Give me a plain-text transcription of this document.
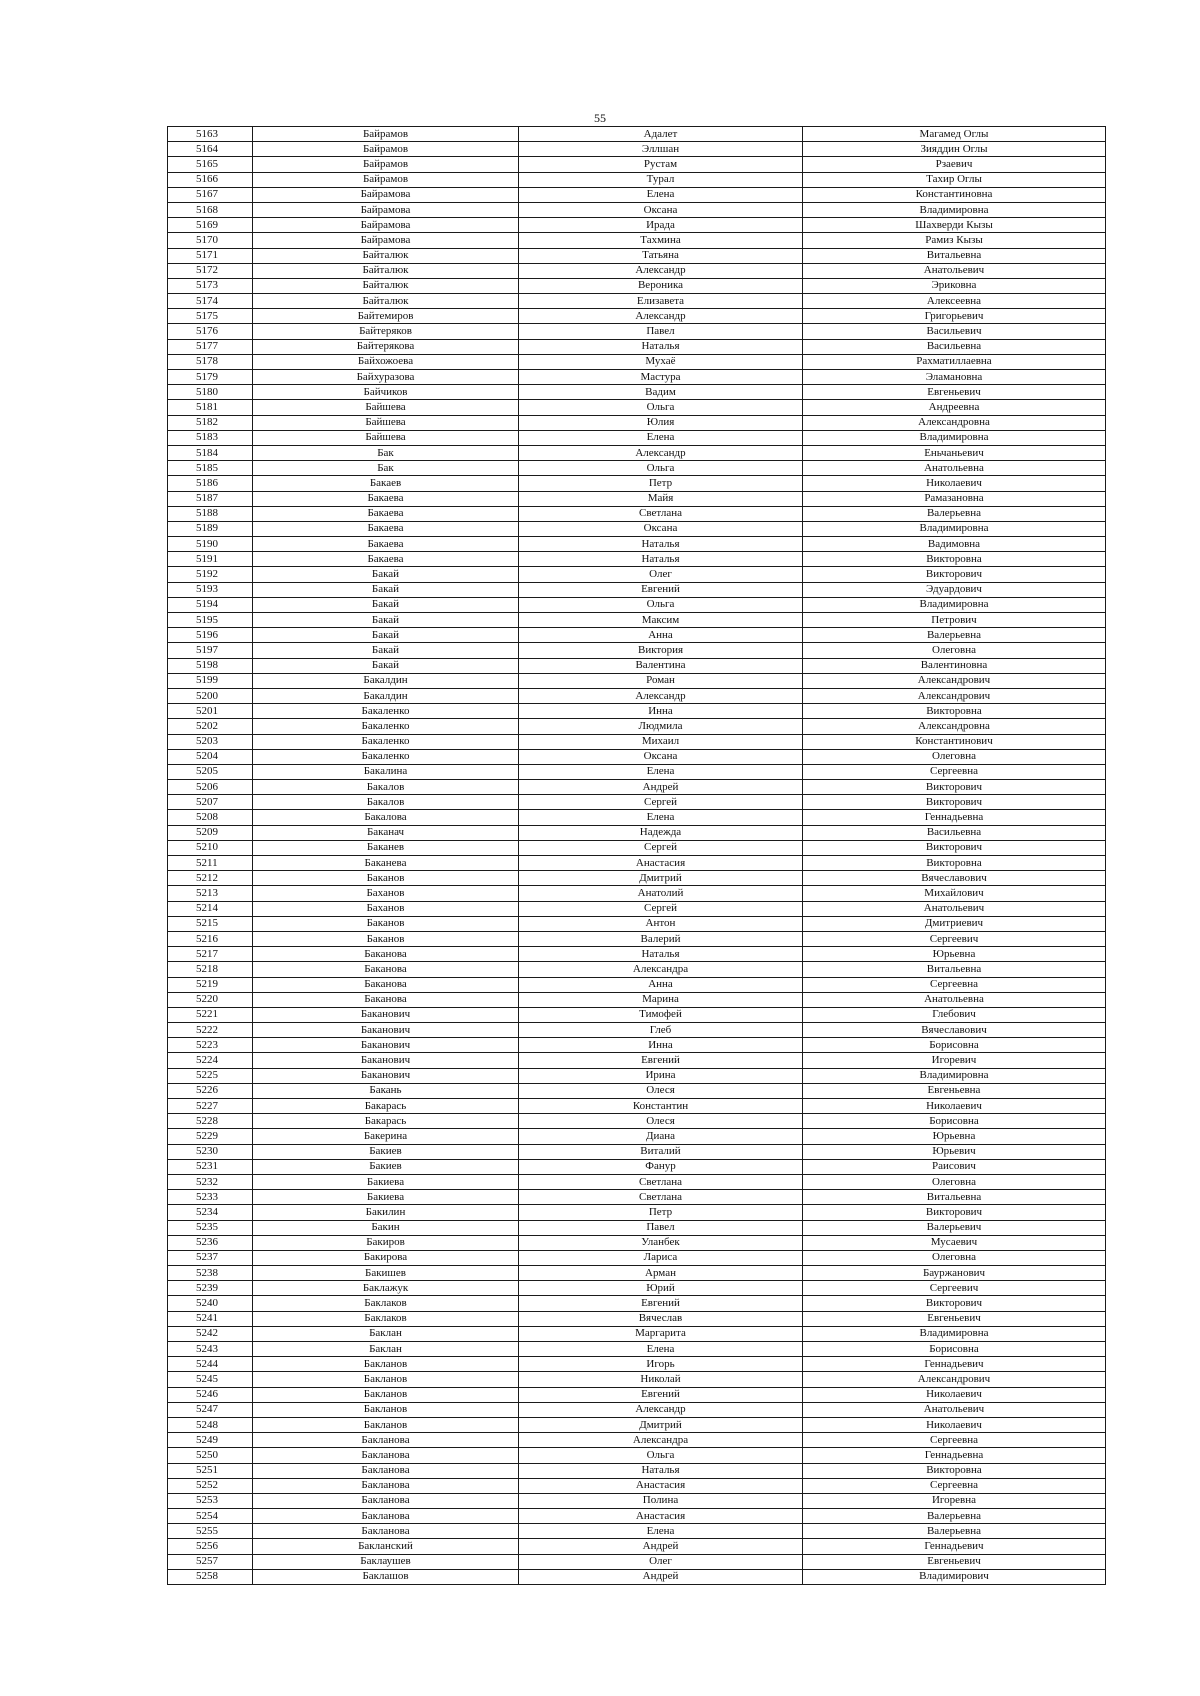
55
5163	Байрамов	Адалет	Магамед Оглы
5164	Байрамов	Эллшан	Зияддин Оглы
5165	Байрамов	Рустам	Рзаевич
5166	Байрамов	Турал	Тахир Оглы
5167	Байрамова	Елена	Константиновна
5168	Байрамова	Оксана	Владимировна
5169	Байрамова	Ирада	Шахверди Кызы
5170	Байрамова	Тахмина	Рамиз Кызы
5171	Байталюк	Татьяна	Витальевна
5172	Байталюк	Александр	Анатольевич
5173	Байталюк	Вероника	Эриковна
5174	Байталюк	Елизавета	Алексеевна
5175	Байтемиров	Александр	Григорьевич
5176	Байтеряков	Павел	Васильевич
5177	Байтерякова	Наталья	Васильевна
5178	Байхожоева	Мухаё	Рахматиллаевна
5179	Байхуразова	Мастура	Эламановна
5180	Байчиков	Вадим	Евгеньевич
5181	Байшева	Ольга	Андреевна
5182	Байшева	Юлия	Александровна
5183	Байшева	Елена	Владимировна
5184	Бак	Александр	Еньчаньевич
5185	Бак	Ольга	Анатольевна
5186	Бакаев	Петр	Николаевич
5187	Бакаева	Майя	Рамазановна
5188	Бакаева	Светлана	Валерьевна
5189	Бакаева	Оксана	Владимировна
5190	Бакаева	Наталья	Вадимовна
5191	Бакаева	Наталья	Викторовна
5192	Бакай	Олег	Викторович
5193	Бакай	Евгений	Эдуардович
5194	Бакай	Ольга	Владимировна
5195	Бакай	Максим	Петрович
5196	Бакай	Анна	Валерьевна
5197	Бакай	Виктория	Олеговна
5198	Бакай	Валентина	Валентиновна
5199	Бакалдин	Роман	Александрович
5200	Бакалдин	Александр	Александрович
5201	Бакаленко	Инна	Викторовна
5202	Бакаленко	Людмила	Александровна
5203	Бакаленко	Михаил	Константинович
5204	Бакаленко	Оксана	Олеговна
5205	Бакалина	Елена	Сергеевна
5206	Бакалов	Андрей	Викторович
5207	Бакалов	Сергей	Викторович
5208	Бакалова	Елена	Геннадьевна
5209	Баканач	Надежда	Васильевна
5210	Баканев	Сергей	Викторович
5211	Баканева	Анастасия	Викторовна
5212	Баканов	Дмитрий	Вячеславович
5213	Баханов	Анатолий	Михайлович
5214	Баханов	Сергей	Анатольевич
5215	Баканов	Антон	Дмитриевич
5216	Баканов	Валерий	Сергеевич
5217	Баканова	Наталья	Юрьевна
5218	Баканова	Александра	Витальевна
5219	Баканова	Анна	Сергеевна
5220	Баканова	Марина	Анатольевна
5221	Баканович	Тимофей	Глебович
5222	Баканович	Глеб	Вячеславович
5223	Баканович	Инна	Борисовна
5224	Баканович	Евгений	Игоревич
5225	Баканович	Ирина	Владимировна
5226	Бакань	Олеся	Евгеньевна
5227	Бакарась	Константин	Николаевич
5228	Бакарась	Олеся	Борисовна
5229	Бакерина	Диана	Юрьевна
5230	Бакиев	Виталий	Юрьевич
5231	Бакиев	Фанур	Раисович
5232	Бакиева	Светлана	Олеговна
5233	Бакиева	Светлана	Витальевна
5234	Бакилин	Петр	Викторович
5235	Бакин	Павел	Валерьевич
5236	Бакиров	Уланбек	Мусаевич
5237	Бакирова	Лариса	Олеговна
5238	Бакишев	Арман	Бауржанович
5239	Баклажук	Юрий	Сергеевич
5240	Баклаков	Евгений	Викторович
5241	Баклаков	Вячеслав	Евгеньевич
5242	Баклан	Маргарита	Владимировна
5243	Баклан	Елена	Борисовна
5244	Бакланов	Игорь	Геннадьевич
5245	Бакланов	Николай	Александрович
5246	Бакланов	Евгений	Николаевич
5247	Бакланов	Александр	Анатольевич
5248	Бакланов	Дмитрий	Николаевич
5249	Бакланова	Александра	Сергеевна
5250	Бакланова	Ольга	Геннадьевна
5251	Бакланова	Наталья	Викторовна
5252	Бакланова	Анастасия	Сергеевна
5253	Бакланова	Полина	Игоревна
5254	Бакланова	Анастасия	Валерьевна
5255	Бакланова	Елена	Валерьевна
5256	Бакланский	Андрей	Геннадьевич
5257	Баклаушев	Олег	Евгеньевич
5258	Баклашов	Андрей	Владимирович
